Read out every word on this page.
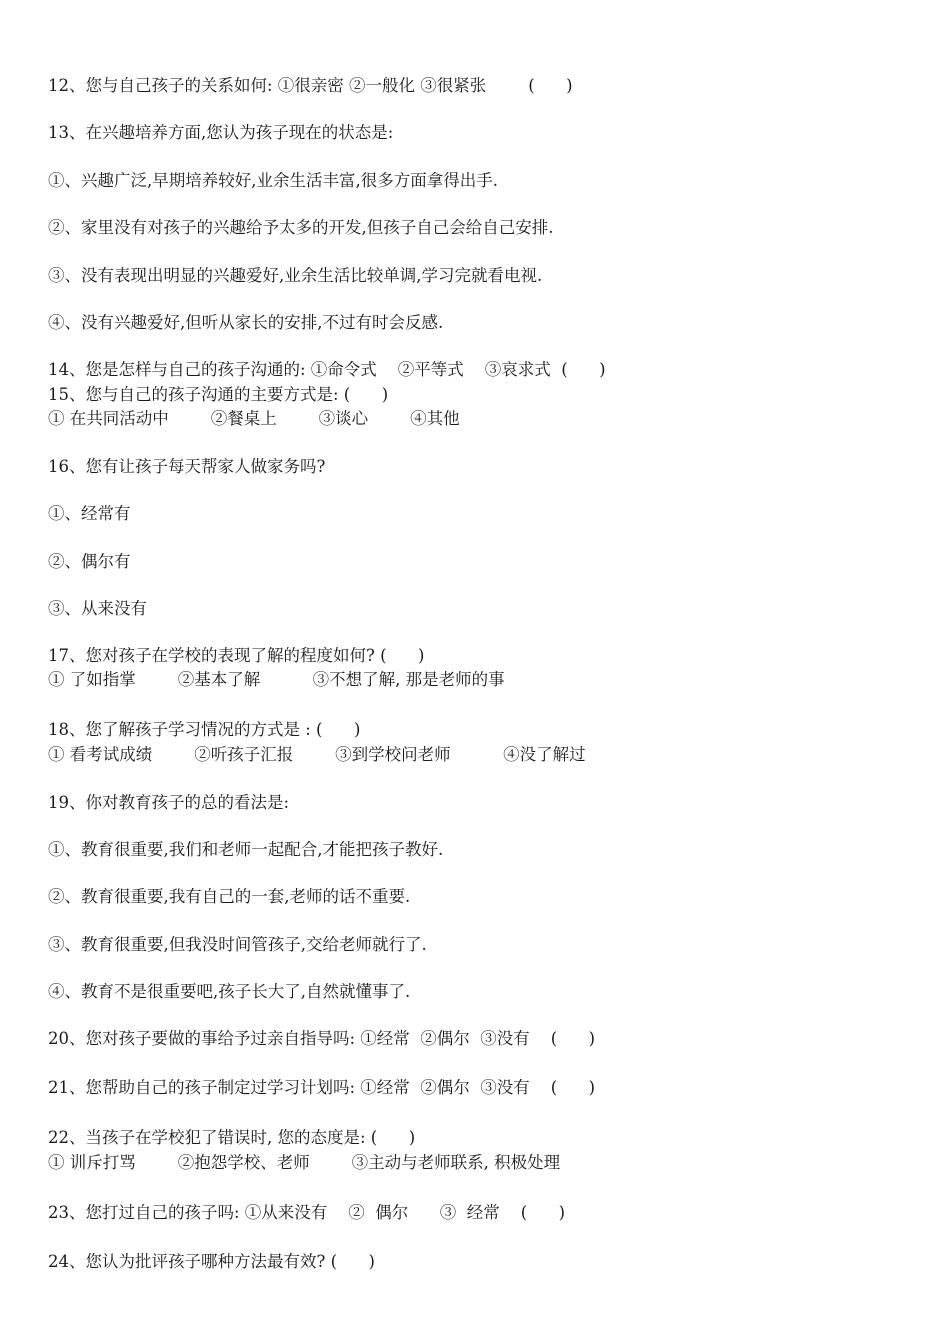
12、您与自己孩子的关系如何: ①很亲密 ②一般化 ③很紧张        (      )
13、在兴趣培养方面,您认为孩子现在的状态是:
①、兴趣广泛,早期培养较好,业余生活丰富,很多方面拿得出手.
②、家里没有对孩子的兴趣给予太多的开发,但孩子自己会给自己安排.
③、没有表现出明显的兴趣爱好,业余生活比较单调,学习完就看电视.
④、没有兴趣爱好,但听从家长的安排,不过有时会反感.
14、您是怎样与自己的孩子沟通的: ①命令式    ②平等式    ③哀求式  (      )
15、您与自己的孩子沟通的主要方式是: (      )
① 在共同活动中        ②餐桌上        ③谈心        ④其他
16、您有让孩子每天帮家人做家务吗?
①、经常有
②、偶尔有
③、从来没有
17、您对孩子在学校的表现了解的程度如何? (      )
① 了如指掌        ②基本了解          ③不想了解, 那是老师的事
18、您了解孩子学习情况的方式是 : (      )
① 看考试成绩        ②听孩子汇报        ③到学校问老师          ④没了解过
19、你对教育孩子的总的看法是:
①、教育很重要,我们和老师一起配合,才能把孩子教好.
②、教育很重要,我有自己的一套,老师的话不重要.
③、教育很重要,但我没时间管孩子,交给老师就行了.
④、教育不是很重要吧,孩子长大了,自然就懂事了.
20、您对孩子要做的事给予过亲自指导吗: ①经常  ②偶尔  ③没有    (      )
21、您帮助自己的孩子制定过学习计划吗: ①经常  ②偶尔  ③没有    (      )
22、当孩子在学校犯了错误时, 您的态度是: (      )
① 训斥打骂        ②抱怨学校、老师        ③主动与老师联系, 积极处理
23、您打过自己的孩子吗: ①从来没有    ②  偶尔      ③  经常    (      )
24、您认为批评孩子哪种方法最有效? (      )
